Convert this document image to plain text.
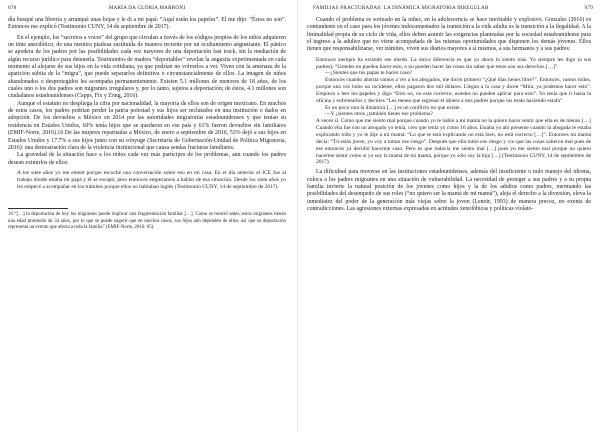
678	MARÍA DA GLORIA MARRONI

día busqué una librería y arranqué unas hojas y le di a mi papá: “Aquí están los papeles”. El me dijo: “Éstos no son”. Entonces me explicó (Testimonio CUNY, 14 de septiembre de 2017).

En el ejemplo, los “secretos a voces” del grupo que circulan a través de los códigos propios de los niños adquieren un tinte anecdótico, de una mentira piadosa sustituida de manera reciente por un ocultamiento angustiante. El pánico se apodera de los padres por las posibilidades cada vez mayores de una deportación fast track, sin la mediación de algún recurso jurídico para detenerla. Testimonios de madres “deportables” revelan la angustia experimentada en cada momento al alejarse de sus hijos en la vida cotidiana, ya que podrían no volverlos a ver. Viven con la amenaza de la aparición súbita de la “migra”, que puede separarlos definitiva o circunstancialmente de ellos. La imagen de niños abandonados o desprotegidos les acompaña permanentemente. Existen 5.1 millones de menores de 18 años, de los cuales uno o los dos padres son migrantes irregulares y, por lo tanto, sujetos a deportación; de éstos, 4.1 millones son ciudadanos estadounidenses (Capps, Fix y Zong, 2016).

Aunque el estatuto no despliega la cifra por nacionalidad, la mayoría de ellos son de origen mexicano. En muchos de estos casos, los padres podrían perder la patria potestad y sus hijos ser reclutados en una institución o dados en adopción. De los devueltos a México en 2014 por las autoridades migratorias estadounidenses y que tenían su residencia en Estados Unidos, 60% tenía hijos que se quedaron en ese país y 61% fueron devueltos sin familiares (EMIF-Norte, 2016).16 De las mujeres repatriadas a México, de enero a septiembre de 2016, 53% dejó a sus hijos en Estados Unidos y 17.7% a sus hijos junto con su cónyuge (Secretaría de Gobernación-Unidad de Política Migratoria, 2016): una demostración clara de la violencia institucional que causa sendas fracturas familiares.

La gravedad de la situación hace a los niños cada vez más partícipes de los problemas, aun cuando los padres desean eximirlos de ellos:

A los siete años yo me enteré porque escuché una conversación sobre eso en mi casa. En el día anterior el ICE fue al trabajo donde estaba mi papá y él se escapó; pero entonces empezamos a hablar de esa situación. Desde los siete años yo les empecé a acompañar en los trámites porque ellos no hablaban inglés (Testimonio CUNY, 14 de septiembre de 2017).

16 “[…] la deportación de hoy los migrantes puede implicar una fragmentación familiar […]. Como se mostró antes, estos migrantes tienen una edad promedio de 34 años, por lo que se puede sugerir que en muchos casos, sus hijos aún dependen de ellos, así que su deportación representa un evento que afecta a toda la familia” (EMIF-Norte, 2016: 65).

FAMILIAS FRACTURADAS: LA DINÁMICA MIGRATORIA IRREGULAR	679

Cuando el problema es sorteado en la niñez, en la adolescencia se hace inevitable y explosivo. Gonzales (2016) es contundente en el caso para los jóvenes indocumentados la transición a la vida adulta es la transición a la ilegalidad. A la liminalidad propia de su ciclo de vida, ellos deben asumir las exigencias planteadas por la sociedad estadounidense para el ingreso a la adultez que no viene acompañada de las mismas oportunidades que disponen los demás jóvenes. Ellos tienen que responsabilizarse, ver trámites, viven sus diarios mayores a sí mismos, a sus hermanos y a sus padres:

Entonces siempre ha existido ese miedo. La única diferencia es que yo ahora lo siento más. Yo siempre les digo (a sus padres): “Ustedes no pueden hacer esto, o no pueden hacer las cosas sin saber que estos son sus derechos […]”.

—¿Sientes que tus papás te hacen caso?

Entonces cuando ahorita vamos a ver a los abogados, me dicen primero “¿Qué días tienes libre?”. Entonces, vamos todos, porque una vez hubo un incidente, ellos pagaron dos mil dólares. Llegan a la casa y dicen “Mira, ya podemos hacer esto”. Empiezo a leer los papeles y digo “Esto no, no está correcto; ustedes no pueden aplicar para esto”. Yo tenía que ir hasta la oficina y enfrentarlos y decirles “Les tienen que regresar el dinero a mis padres porque los están haciendo estafa”.

Es un poco rara la dinámica […] es un conflicto no que existe.

—Y ¿sientes otros ¿también tienes ese problema?

A veces sí. Como que me siento mal porque cuando yo le hablo a mi mamá no la quiero hacer sentir que ella es de menos […] Cuando ella fue con un abogado yo tenía, creo que tenía yo como 16 años. Estaba yo ahí presente cuando la abogada le estaba explicando todo y yo le dije a mi mamá: “Lo que te está explicando no está bien, no está correcto […]”. Entonces mi mamá decía: “Tú estás joven, yo voy a tomar ese riesgo”. Después que ella tomó ese riesgo y vio que las cosas salieron mal pues de ese entonces ya decidió hacerme caso. Pero es que todavía me siento mal […] pues yo me siento mal porque no quiero hacerme sentir como si yo soy la mamá de mi mamá, porque yo sólo soy la hija […] (Testimonio CUNY, 14 de septiembre de 2017).

La dificultad para moverse en las instituciones estadounidenses, además del insuficiente o nulo manejo del idioma, coloca a los padres migrantes en una situación de vulnerabilidad. La necesidad de proteger a sus padres y a su propia familia invierte la natural posición de los jóvenes como hijos y la de los adultos como padres, mermando las posibilidades del desempeño de sus roles (“no quiero ser la mamá de mi mamá”), aleja el derecho a la diversión, eleva la inmediatez del poder de la generación más viejas sobre la joven (Lenoir, 1993) de manera precoz, no exenta de contradicciones. Las agresiones externas expresadas en actitudes xenofóbicas y políticas violato-
